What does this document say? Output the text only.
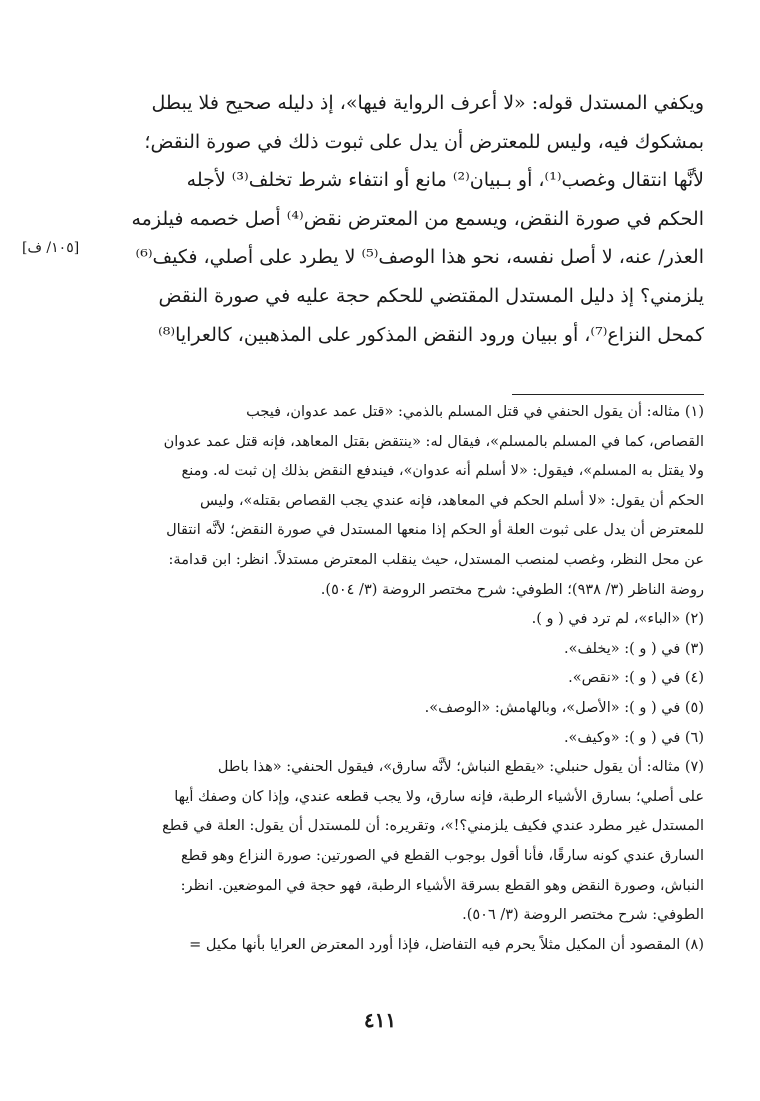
ويكفي المستدل قوله: «لا أعرف الرواية فيها»، إذ دليله صحيح فلا يبطل
بمشكوك فيه، وليس للمعترض أن يدل على ثبوت ذلك في صورة النقض؛
لأنَّها انتقال وغصب⁽¹⁾، أو بـبيان⁽²⁾ مانع أو انتفاء شرط تخلف⁽³⁾ لأجله
الحكم في صورة النقض، ويسمع من المعترض نقض⁽⁴⁾ أصل خصمه فيلزمه
العذر/ عنه، لا أصل نفسه، نحو هذا الوصف⁽⁵⁾ لا يطرد على أصلي، فكيف⁽⁶⁾
يلزمني؟ إذ دليل المستدل المقتضي للحكم حجة عليه في صورة النقض
كمحل النزاع⁽⁷⁾، أو ببيان ورود النقض المذكور على المذهبين، كالعرايا⁽⁸⁾
[١٠٥/ ف]
(١) مثاله: أن يقول الحنفي في قتل المسلم بالذمي: «قتل عمد عدوان، فيجب
القصاص، كما في المسلم بالمسلم»، فيقال له: «ينتقض بقتل المعاهد، فإنه قتل عمد عدوان
ولا يقتل به المسلم»، فيقول: «لا أسلم أنه عدوان»، فيندفع النقض بذلك إن ثبت له. ومنع
الحكم أن يقول: «لا أسلم الحكم في المعاهد، فإنه عندي يجب القصاص بقتله»، وليس
للمعترض أن يدل على ثبوت العلة أو الحكم إذا منعها المستدل في صورة النقض؛ لأنَّه انتقال
عن محل النظر، وغصب لمنصب المستدل، حيث ينقلب المعترض مستدلاً. انظر: ابن قدامة:
روضة الناظر (٣/ ٩٣٨)؛ الطوفي: شرح مختصر الروضة (٣/ ٥٠٤).
(٢) «الباء»، لم ترد في ( و ).
(٣) في ( و ): «يخلف».
(٤) في ( و ): «نقص».
(٥) في ( و ): «الأصل»، وبالهامش: «الوصف».
(٦) في ( و ): «وكيف».
(٧) مثاله: أن يقول حنبلي: «يقطع النباش؛ لأنَّه سارق»، فيقول الحنفي: «هذا باطل
على أصلي؛ بسارق الأشياء الرطبة، فإنه سارق، ولا يجب قطعه عندي، وإذا كان وصفك أيها
المستدل غير مطرد عندي فكيف يلزمني؟!»، وتقريره: أن للمستدل أن يقول: العلة في قطع
السارق عندي كونه سارقًا، فأنا أقول بوجوب القطع في الصورتين: صورة النزاع وهو قطع
النباش، وصورة النقض وهو القطع بسرقة الأشياء الرطبة، فهو حجة في الموضعين. انظر:
الطوفي: شرح مختصر الروضة (٣/ ٥٠٦).
(٨) المقصود أن المكيل مثلاً يحرم فيه التفاضل، فإذا أورد المعترض العرايا بأنها مكيل =
٤١١
